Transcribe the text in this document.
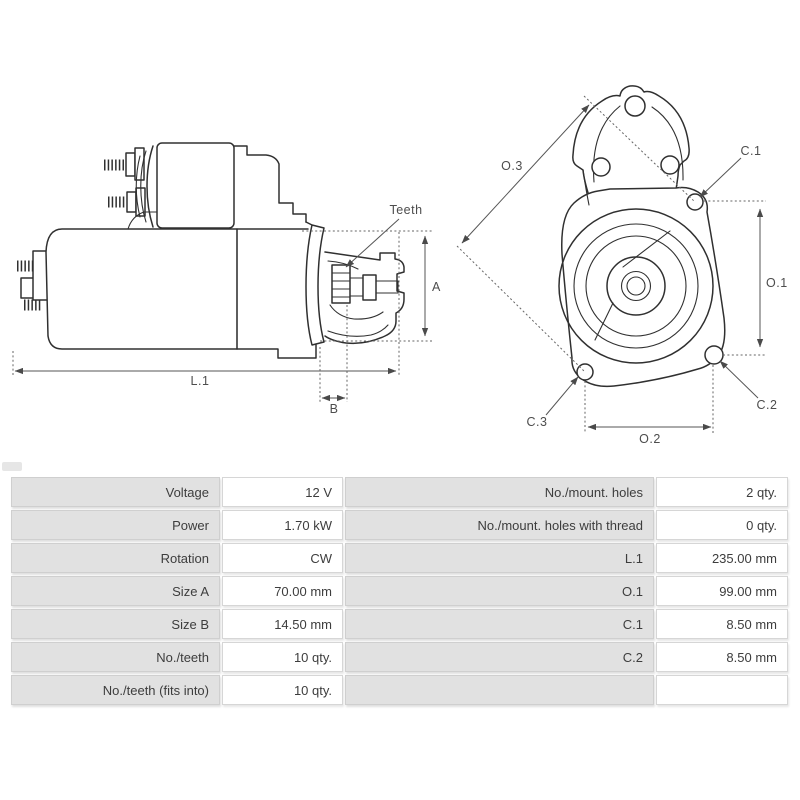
A
L.1
B
Teeth
O.3
O.1
O.2
C.1
C.2
C.3
Voltage	12 V	No./mount. holes	2 qty.
Power	1.70 kW	No./mount. holes with thread	0 qty.
Rotation	CW	L.1	235.00 mm
Size A	70.00 mm	O.1	99.00 mm
Size B	14.50 mm	C.1	8.50 mm
No./teeth	10 qty.	C.2	8.50 mm
No./teeth (fits into)	10 qty.
